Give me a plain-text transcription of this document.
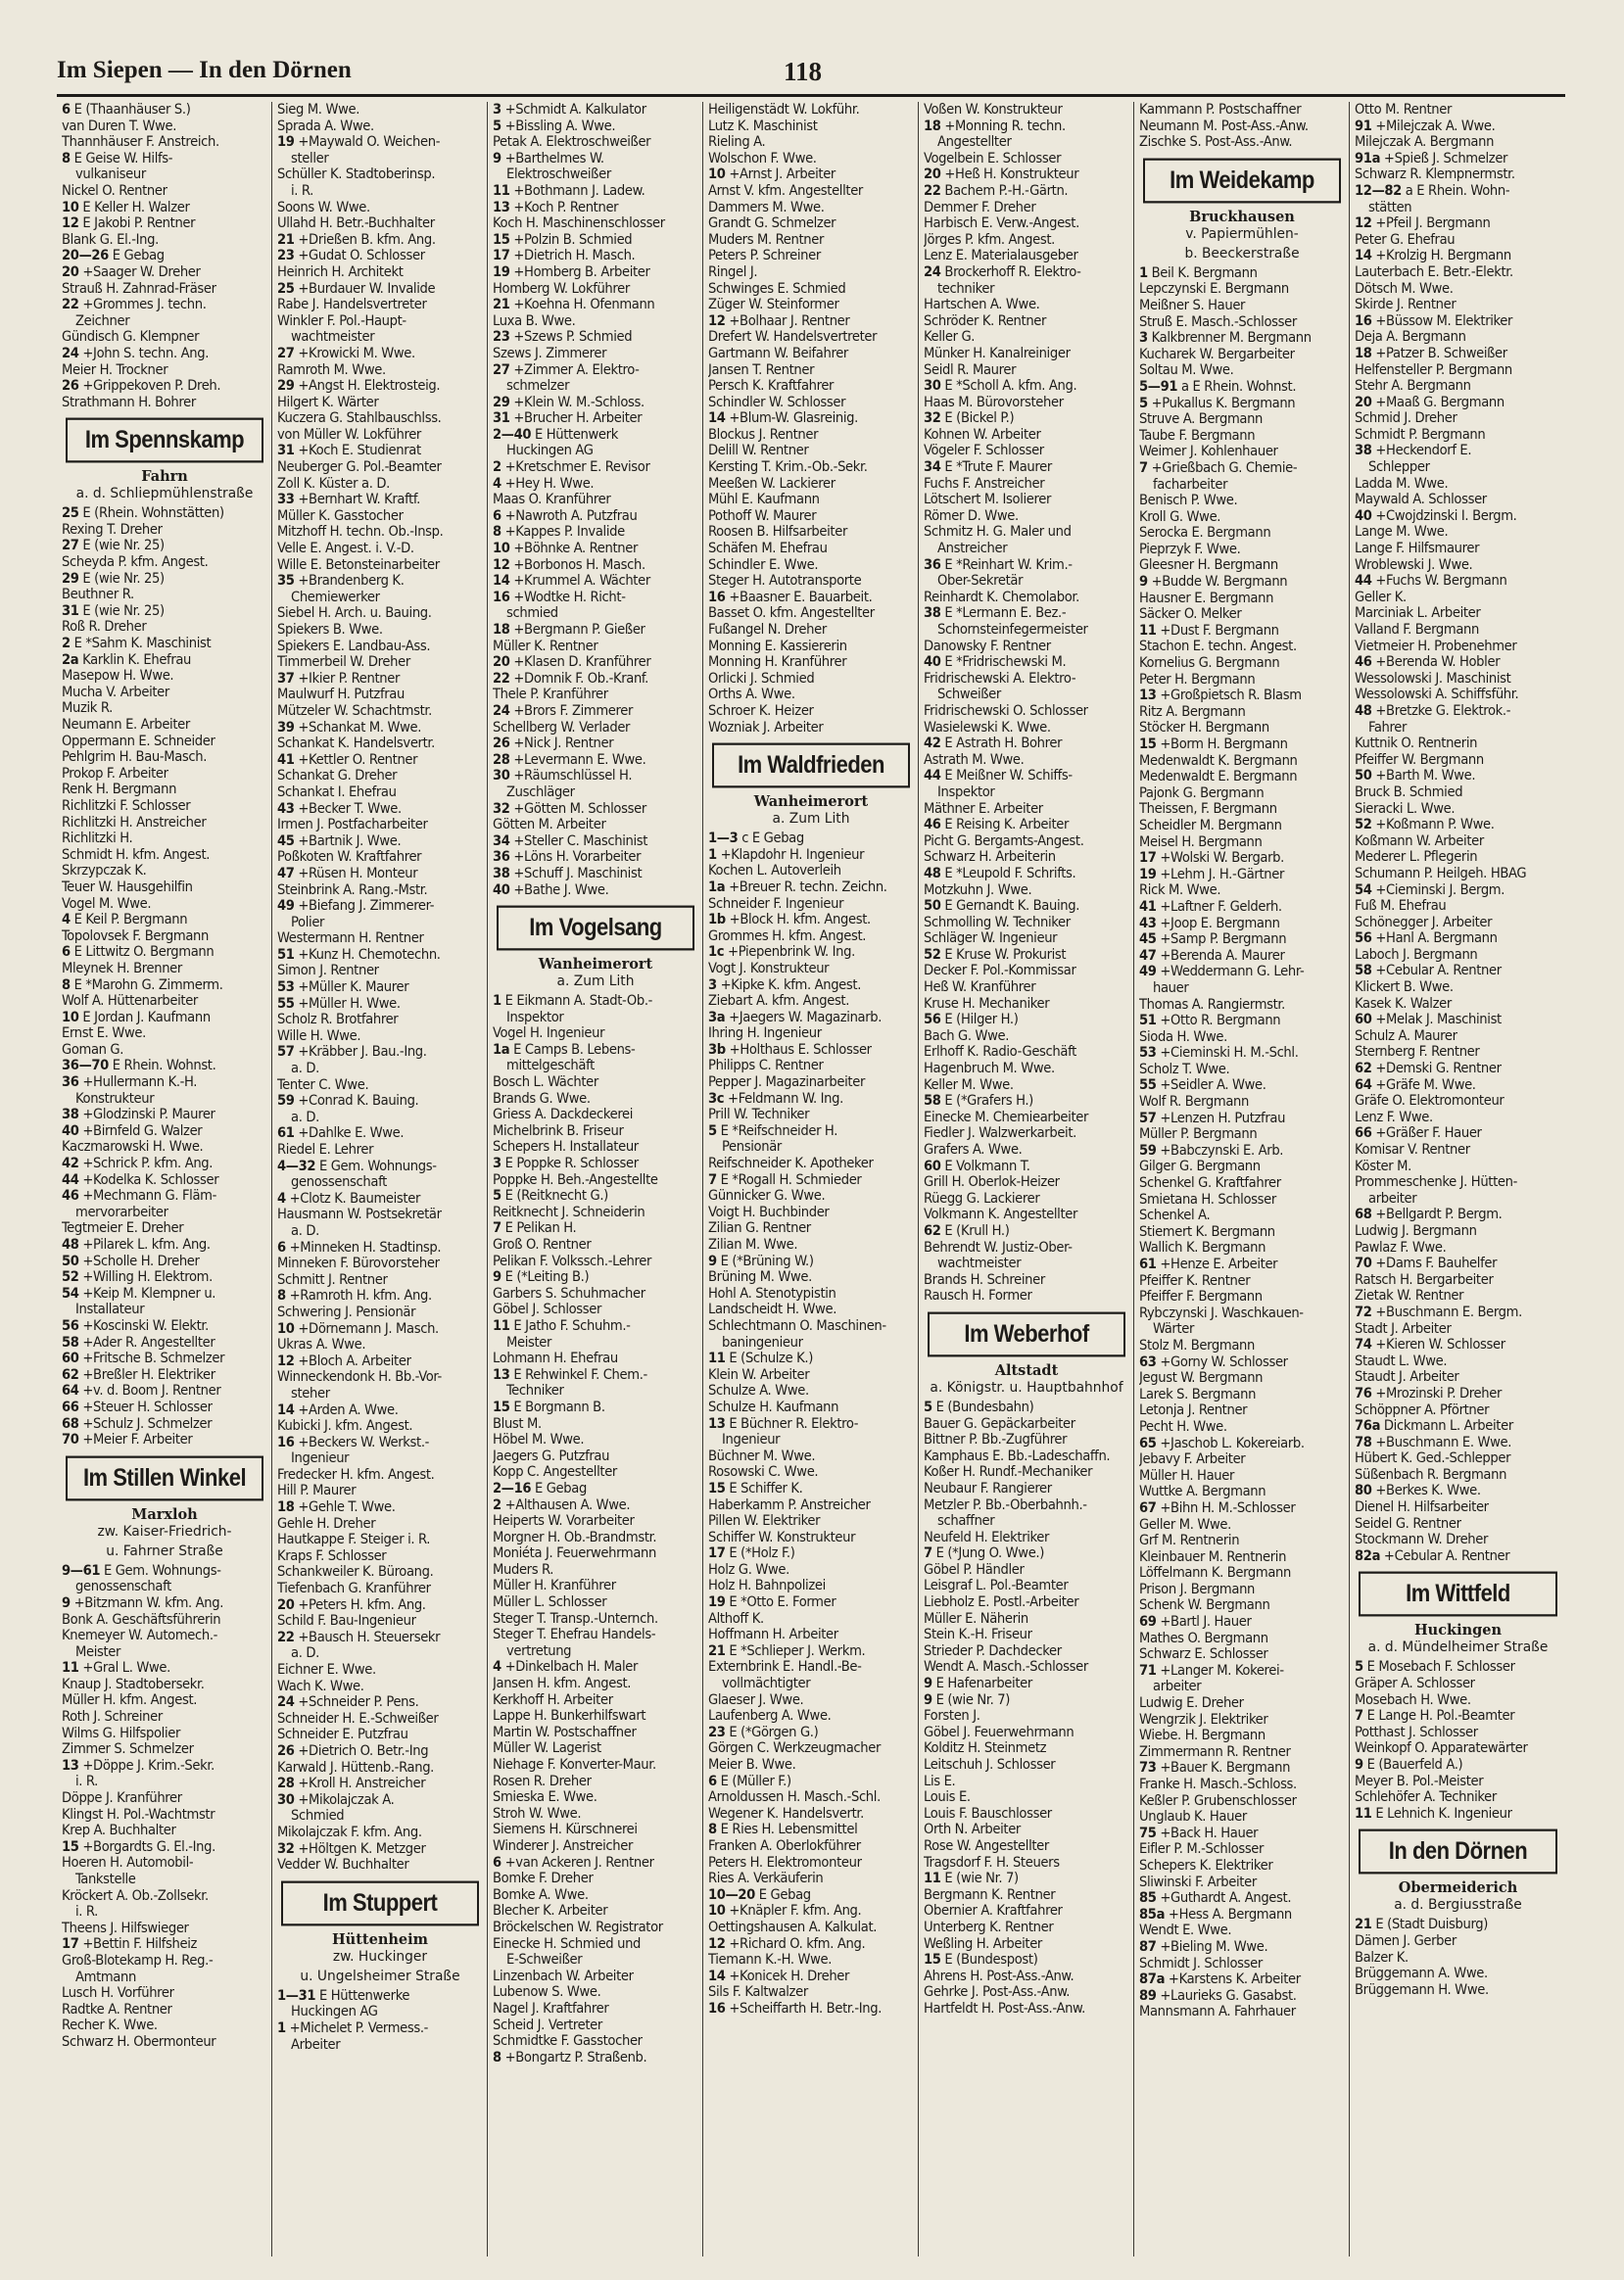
Im Siepen — In den Dörnen	118
6 E (Thaanhäuser S.)
van Duren T. Wwe.
Thannhäuser F. Anstreich.
8 E Geise W. Hilfs-
vulkaniseur
Nickel O. Rentner
10 E Keller H. Walzer
12 E Jakobi P. Rentner
Blank G. El.-Ing.
20—26 E Gebag
20 +Saager W. Dreher
Strauß H. Zahnrad-Fräser
22 +Grommes J. techn.
Zeichner
Gündisch G. Klempner
24 +John S. techn. Ang.
Meier H. Trockner
26 +Grippekoven P. Dreh.
Strathmann H. Bohrer
Im Spennskamp
Fahrn
a. d. Schliepmühlenstraße
25 E (Rhein. Wohnstätten)
Rexing T. Dreher
27 E (wie Nr. 25)
Scheyda P. kfm. Angest.
29 E (wie Nr. 25)
Beuthner R.
31 E (wie Nr. 25)
Roß R. Dreher
2 E *Sahm K. Maschinist
2a Karklin K. Ehefrau
Masepow H. Wwe.
Mucha V. Arbeiter
Muzik R.
Neumann E. Arbeiter
Oppermann E. Schneider
Pehlgrim H. Bau-Masch.
Prokop F. Arbeiter
Renk H. Bergmann
Richlitzki F. Schlosser
Richlitzki H. Anstreicher
Richlitzki H.
Schmidt H. kfm. Angest.
Skrzypczak K.
Teuer W. Hausgehilfin
Vogel M. Wwe.
4 E Keil P. Bergmann
Topolovsek F. Bergmann
6 E Littwitz O. Bergmann
Mleynek H. Brenner
8 E *Marohn G. Zimmerm.
Wolf A. Hüttenarbeiter
10 E Jordan J. Kaufmann
Ernst E. Wwe.
Goman G.
36—70 E Rhein. Wohnst.
36 +Hullermann K.-H.
Konstrukteur
38 +Glodzinski P. Maurer
40 +Birnfeld G. Walzer
Kaczmarowski H. Wwe.
42 +Schrick P. kfm. Ang.
44 +Kodelka K. Schlosser
46 +Mechmann G. Fläm-
mervorarbeiter
Tegtmeier E. Dreher
48 +Pilarek L. kfm. Ang.
50 +Scholle H. Dreher
52 +Willing H. Elektrom.
54 +Keip M. Klempner u.
Installateur
56 +Koscinski W. Elektr.
58 +Ader R. Angestellter
60 +Fritsche B. Schmelzer
62 +Breßler H. Elektriker
64 +v. d. Boom J. Rentner
66 +Steuer H. Schlosser
68 +Schulz J. Schmelzer
70 +Meier F. Arbeiter
Im Stillen Winkel
Marxloh
zw. Kaiser-Friedrich-
u. Fahrner Straße
9—61 E Gem. Wohnungs-
genossenschaft
9 +Bitzmann W. kfm. Ang.
Bonk A. Geschäftsführerin
Knemeyer W. Automech.-
Meister
11 +Gral L. Wwe.
Knaup J. Stadtobersekr.
Müller H. kfm. Angest.
Roth J. Schreiner
Wilms G. Hilfspolier
Zimmer S. Schmelzer
13 +Döppe J. Krim.-Sekr.
i. R.
Döppe J. Kranführer
Klingst H. Pol.-Wachtmstr
Krep A. Buchhalter
15 +Borgardts G. El.-Ing.
Hoeren H. Automobil-
Tankstelle
Kröckert A. Ob.-Zollsekr.
i. R.
Theens J. Hilfswieger
17 +Bettin F. Hilfsheiz
Groß-Blotekamp H. Reg.-
Amtmann
Lusch H. Vorführer
Radtke A. Rentner
Recher K. Wwe.
Schwarz H. Obermonteur
Sieg M. Wwe.
Sprada A. Wwe.
19 +Maywald O. Weichen-
steller
Schüller K. Stadtoberinsp.
i. R.
Soons W. Wwe.
Ullahd H. Betr.-Buchhalter
21 +Drießen B. kfm. Ang.
23 +Gudat O. Schlosser
Heinrich H. Architekt
25 +Burdauer W. Invalide
Rabe J. Handelsvertreter
Winkler F. Pol.-Haupt-
wachtmeister
27 +Krowicki M. Wwe.
Ramroth M. Wwe.
29 +Angst H. Elektrosteig.
Hilgert K. Wärter
Kuczera G. Stahlbauschlss.
von Müller W. Lokführer
31 +Koch E. Studienrat
Neuberger G. Pol.-Beamter
Zoll K. Küster a. D.
33 +Bernhart W. Kraftf.
Müller K. Gasstocher
Mitzhoff H. techn. Ob.-Insp.
Velle E. Angest. i. V.-D.
Wille E. Betonsteinarbeiter
35 +Brandenberg K.
Chemiewerker
Siebel H. Arch. u. Bauing.
Spiekers B. Wwe.
Spiekers E. Landbau-Ass.
Timmerbeil W. Dreher
37 +Ikier P. Rentner
Maulwurf H. Putzfrau
Mützeler W. Schachtmstr.
39 +Schankat M. Wwe.
Schankat K. Handelsvertr.
41 +Kettler O. Rentner
Schankat G. Dreher
Schankat I. Ehefrau
43 +Becker T. Wwe.
Irmen J. Postfacharbeiter
45 +Bartnik J. Wwe.
Poßkoten W. Kraftfahrer
47 +Rüsen H. Monteur
Steinbrink A. Rang.-Mstr.
49 +Biefang J. Zimmerer-
Polier
Westermann H. Rentner
51 +Kunz H. Chemotechn.
Simon J. Rentner
53 +Müller K. Maurer
55 +Müller H. Wwe.
Scholz R. Brotfahrer
Wille H. Wwe.
57 +Kräbber J. Bau.-Ing.
a. D.
Tenter C. Wwe.
59 +Conrad K. Bauing.
a. D.
61 +Dahlke E. Wwe.
Riedel E. Lehrer
4—32 E Gem. Wohnungs-
genossenschaft
4 +Clotz K. Baumeister
Hausmann W. Postsekretär
a. D.
6 +Minneken H. Stadtinsp.
Minneken F. Bürovorsteher
Schmitt J. Rentner
8 +Ramroth H. kfm. Ang.
Schwering J. Pensionär
10 +Dörnemann J. Masch.
Ukras A. Wwe.
12 +Bloch A. Arbeiter
Winneckendonk H. Bb.-Vor-
steher
14 +Arden A. Wwe.
Kubicki J. kfm. Angest.
16 +Beckers W. Werkst.-
Ingenieur
Fredecker H. kfm. Angest.
Hill P. Maurer
18 +Gehle T. Wwe.
Gehle H. Dreher
Hautkappe F. Steiger i. R.
Kraps F. Schlosser
Schankweiler K. Büroang.
Tiefenbach G. Kranführer
20 +Peters H. kfm. Ang.
Schild F. Bau-Ingenieur
22 +Bausch H. Steuersekr
a. D.
Eichner E. Wwe.
Wach K. Wwe.
24 +Schneider P. Pens.
Schneider H. E.-Schweißer
Schneider E. Putzfrau
26 +Dietrich O. Betr.-Ing
Karwald J. Hüttenb.-Rang.
28 +Kroll H. Anstreicher
30 +Mikolajczak A.
Schmied
Mikolajczak F. kfm. Ang.
32 +Höltgen K. Metzger
Vedder W. Buchhalter
Im Stuppert
Hüttenheim
zw. Huckinger
u. Ungelsheimer Straße
1—31 E Hüttenwerke
Huckingen AG
1 +Michelet P. Vermess.-
Arbeiter
3 +Schmidt A. Kalkulator
5 +Bissling A. Wwe.
Petak A. Elektroschweißer
9 +Barthelmes W.
Elektroschweißer
11 +Bothmann J. Ladew.
13 +Koch P. Rentner
Koch H. Maschinenschlosser
15 +Polzin B. Schmied
17 +Dietrich H. Masch.
19 +Homberg B. Arbeiter
Homberg W. Lokführer
21 +Koehna H. Ofenmann
Luxa B. Wwe.
23 +Szews P. Schmied
Szews J. Zimmerer
27 +Zimmer A. Elektro-
schmelzer
29 +Klein W. M.-Schloss.
31 +Brucher H. Arbeiter
2—40 E Hüttenwerk
Huckingen AG
2 +Kretschmer E. Revisor
4 +Hey H. Wwe.
Maas O. Kranführer
6 +Nawroth A. Putzfrau
8 +Kappes P. Invalide
10 +Böhnke A. Rentner
12 +Borbonos H. Masch.
14 +Krummel A. Wächter
16 +Wodtke H. Richt-
schmied
18 +Bergmann P. Gießer
Müller K. Rentner
20 +Klasen D. Kranführer
22 +Domnik F. Ob.-Kranf.
Thele P. Kranführer
24 +Brors F. Zimmerer
Schellberg W. Verlader
26 +Nick J. Rentner
28 +Levermann E. Wwe.
30 +Räumschlüssel H.
Zuschläger
32 +Götten M. Schlosser
Götten M. Arbeiter
34 +Steller C. Maschinist
36 +Löns H. Vorarbeiter
38 +Schuff J. Maschinist
40 +Bathe J. Wwe.
Im Vogelsang
Wanheimerort
a. Zum Lith
1 E Eikmann A. Stadt-Ob.-
Inspektor
Vogel H. Ingenieur
1a E Camps B. Lebens-
mittelgeschäft
Bosch L. Wächter
Brands G. Wwe.
Griess A. Dackdeckerei
Michelbrink B. Friseur
Schepers H. Installateur
3 E Poppke R. Schlosser
Poppke H. Beh.-Angestellte
5 E (Reitknecht G.)
Reitknecht J. Schneiderin
7 E Pelikan H.
Groß O. Rentner
Pelikan F. Volkssch.-Lehrer
9 E (*Leiting B.)
Garbers S. Schuhmacher
Göbel J. Schlosser
11 E Jatho F. Schuhm.-
Meister
Lohmann H. Ehefrau
13 E Rehwinkel F. Chem.-
Techniker
15 E Borgmann B.
Blust M.
Höbel M. Wwe.
Jaegers G. Putzfrau
Kopp C. Angestellter
2—16 E Gebag
2 +Althausen A. Wwe.
Heiperts W. Vorarbeiter
Morgner H. Ob.-Brandmstr.
Moniéta J. Feuerwehrmann
Muders R.
Müller H. Kranführer
Müller L. Schlosser
Steger T. Transp.-Unternch.
Steger T. Ehefrau Handels-
vertretung
4 +Dinkelbach H. Maler
Jansen H. kfm. Angest.
Kerkhoff H. Arbeiter
Lappe H. Bunkerhilfswart
Martin W. Postschaffner
Müller W. Lagerist
Niehage F. Konverter-Maur.
Rosen R. Dreher
Smieska E. Wwe.
Stroh W. Wwe.
Siemens H. Kürschnerei
Winderer J. Anstreicher
6 +van Ackeren J. Rentner
Bomke F. Dreher
Bomke A. Wwe.
Blecher K. Arbeiter
Bröckelschen W. Registrator
Einecke H. Schmied und
E-Schweißer
Linzenbach W. Arbeiter
Lubenow S. Wwe.
Nagel J. Kraftfahrer
Scheid J. Vertreter
Schmidtke F. Gasstocher
8 +Bongartz P. Straßenb.
Heiligenstädt W. Lokführ.
Lutz K. Maschinist
Rieling A.
Wolschon F. Wwe.
10 +Arnst J. Arbeiter
Arnst V. kfm. Angestellter
Dammers M. Wwe.
Grandt G. Schmelzer
Muders M. Rentner
Peters P. Schreiner
Ringel J.
Schwinges E. Schmied
Züger W. Steinformer
12 +Bolhaar J. Rentner
Drefert W. Handelsvertreter
Gartmann W. Beifahrer
Jansen T. Rentner
Persch K. Kraftfahrer
Schindler W. Schlosser
14 +Blum-W. Glasreinig.
Blockus J. Rentner
Delill W. Rentner
Kersting T. Krim.-Ob.-Sekr.
Meeßen W. Lackierer
Mühl E. Kaufmann
Pothoff W. Maurer
Roosen B. Hilfsarbeiter
Schäfen M. Ehefrau
Schindler E. Wwe.
Steger H. Autotransporte
16 +Baasner E. Bauarbeit.
Basset O. kfm. Angestellter
Fußangel N. Dreher
Monning E. Kassiererin
Monning H. Kranführer
Orlicki J. Schmied
Orths A. Wwe.
Schroer K. Heizer
Wozniak J. Arbeiter
Im Waldfrieden
Wanheimerort
a. Zum Lith
1—3 c E Gebag
1 +Klapdohr H. Ingenieur
Kochen L. Autoverleih
1a +Breuer R. techn. Zeichn.
Schneider F. Ingenieur
1b +Block H. kfm. Angest.
Grommes H. kfm. Angest.
1c +Piepenbrink W. Ing.
Vogt J. Konstrukteur
3 +Kipke K. kfm. Angest.
Ziebart A. kfm. Angest.
3a +Jaegers W. Magazinarb.
Ihring H. Ingenieur
3b +Holthaus E. Schlosser
Philipps C. Rentner
Pepper J. Magazinarbeiter
3c +Feldmann W. Ing.
Prill W. Techniker
5 E *Reifschneider H.
Pensionär
Reifschneider K. Apotheker
7 E *Rogall H. Schmieder
Günnicker G. Wwe.
Voigt H. Buchbinder
Zilian G. Rentner
Zilian M. Wwe.
9 E (*Brüning W.)
Brüning M. Wwe.
Hohl A. Stenotypistin
Landscheidt H. Wwe.
Schlechtmann O. Maschinen-
baningenieur
11 E (Schulze K.)
Klein W. Arbeiter
Schulze A. Wwe.
Schulze H. Kaufmann
13 E Büchner R. Elektro-
Ingenieur
Büchner M. Wwe.
Rosowski C. Wwe.
15 E Schiffer K.
Haberkamm P. Anstreicher
Pillen W. Elektriker
Schiffer W. Konstrukteur
17 E (*Holz F.)
Holz G. Wwe.
Holz H. Bahnpolizei
19 E *Otto E. Former
Althoff K.
Hoffmann H. Arbeiter
21 E *Schlieper J. Werkm.
Externbrink E. Handl.-Be-
vollmächtigter
Glaeser J. Wwe.
Laufenberg A. Wwe.
23 E (*Görgen G.)
Görgen C. Werkzeugmacher
Meier B. Wwe.
6 E (Müller F.)
Arnoldussen H. Masch.-Schl.
Wegener K. Handelsvertr.
8 E Ries H. Lebensmittel
Franken A. Oberlokführer
Peters H. Elektromonteur
Ries A. Verkäuferin
10—20 E Gebag
10 +Knäpler F. kfm. Ang.
Oettingshausen A. Kalkulat.
12 +Richard O. kfm. Ang.
Tiemann K.-H. Wwe.
14 +Konicek H. Dreher
Sils F. Kaltwalzer
16 +Scheiffarth H. Betr.-Ing.
Voßen W. Konstrukteur
18 +Monning R. techn.
Angestellter
Vogelbein E. Schlosser
20 +Heß H. Konstrukteur
22 Bachem P.-H.-Gärtn.
Demmer F. Dreher
Harbisch E. Verw.-Angest.
Jörges P. kfm. Angest.
Lenz E. Materialausgeber
24 Brockerhoff R. Elektro-
techniker
Hartschen A. Wwe.
Schröder K. Rentner
Keller G.
Münker H. Kanalreiniger
Seidl R. Maurer
30 E *Scholl A. kfm. Ang.
Haas M. Bürovorsteher
32 E (Bickel P.)
Kohnen W. Arbeiter
Vögeler F. Schlosser
34 E *Trute F. Maurer
Fuchs F. Anstreicher
Lötschert M. Isolierer
Römer D. Wwe.
Schmitz H. G. Maler und
Anstreicher
36 E *Reinhart W. Krim.-
Ober-Sekretär
Reinhardt K. Chemolabor.
38 E *Lermann E. Bez.-
Schornsteinfegermeister
Danowsky F. Rentner
40 E *Fridrischewski M.
Fridrischewski A. Elektro-
Schweißer
Fridrischewski O. Schlosser
Wasielewski K. Wwe.
42 E Astrath H. Bohrer
Astrath M. Wwe.
44 E Meißner W. Schiffs-
Inspektor
Mäthner E. Arbeiter
46 E Reising K. Arbeiter
Picht G. Bergamts-Angest.
Schwarz H. Arbeiterin
48 E *Leupold F. Schrifts.
Motzkuhn J. Wwe.
50 E Gernandt K. Bauing.
Schmolling W. Techniker
Schläger W. Ingenieur
52 E Kruse W. Prokurist
Decker F. Pol.-Kommissar
Heß W. Kranführer
Kruse H. Mechaniker
56 E (Hilger H.)
Bach G. Wwe.
Erlhoff K. Radio-Geschäft
Hagenbruch M. Wwe.
Keller M. Wwe.
58 E (*Grafers H.)
Einecke M. Chemiearbeiter
Fiedler J. Walzwerkarbeit.
Grafers A. Wwe.
60 E Volkmann T.
Grill H. Oberlok-Heizer
Rüegg G. Lackierer
Volkmann K. Angestellter
62 E (Krull H.)
Behrendt W. Justiz-Ober-
wachtmeister
Brands H. Schreiner
Rausch H. Former
Im Weberhof
Altstadt
a. Königstr. u. Hauptbahnhof
5 E (Bundesbahn)
Bauer G. Gepäckarbeiter
Bittner P. Bb.-Zugführer
Kamphaus E. Bb.-Ladeschaffn.
Koßer H. Rundf.-Mechaniker
Neubaur F. Rangierer
Metzler P. Bb.-Oberbahnh.-
schaffner
Neufeld H. Elektriker
7 E (*Jung O. Wwe.)
Göbel P. Händler
Leisgraf L. Pol.-Beamter
Liebholz E. Postl.-Arbeiter
Müller E. Näherin
Stein K.-H. Friseur
Strieder P. Dachdecker
Wendt A. Masch.-Schlosser
9 E Hafenarbeiter
9 E (wie Nr. 7)
Forsten J.
Göbel J. Feuerwehrmann
Kolditz H. Steinmetz
Leitschuh J. Schlosser
Lis E.
Louis E.
Louis F. Bauschlosser
Orth N. Arbeiter
Rose W. Angestellter
Tragsdorf F. H. Steuers
11 E (wie Nr. 7)
Bergmann K. Rentner
Obernier A. Kraftfahrer
Unterberg K. Rentner
Weßling H. Arbeiter
15 E (Bundespost)
Ahrens H. Post-Ass.-Anw.
Gehrke J. Post-Ass.-Anw.
Hartfeldt H. Post-Ass.-Anw.
Kammann P. Postschaffner
Neumann M. Post-Ass.-Anw.
Zischke S. Post-Ass.-Anw.
Im Weidekamp
Bruckhausen
v. Papiermühlen-
b. Beeckerstraße
1 Beil K. Bergmann
Lepczynski E. Bergmann
Meißner S. Hauer
Struß E. Masch.-Schlosser
3 Kalkbrenner M. Bergmann
Kucharek W. Bergarbeiter
Soltau M. Wwe.
5—91 a E Rhein. Wohnst.
5 +Pukallus K. Bergmann
Struve A. Bergmann
Taube F. Bergmann
Weimer J. Kohlenhauer
7 +Grießbach G. Chemie-
facharbeiter
Benisch P. Wwe.
Kroll G. Wwe.
Serocka E. Bergmann
Pieprzyk F. Wwe.
Gleesner H. Bergmann
9 +Budde W. Bergmann
Hausner E. Bergmann
Säcker O. Melker
11 +Dust F. Bergmann
Stachon E. techn. Angest.
Kornelius G. Bergmann
Peter H. Bergmann
13 +Großpietsch R. Blasm
Ritz A. Bergmann
Stöcker H. Bergmann
15 +Borm H. Bergmann
Medenwaldt K. Bergmann
Medenwaldt E. Bergmann
Pajonk G. Bergmann
Theissen, F. Bergmann
Scheidler M. Bergmann
Meisel H. Bergmann
17 +Wolski W. Bergarb.
19 +Lehm J. H.-Gärtner
Rick M. Wwe.
41 +Laftner F. Gelderh.
43 +Joop E. Bergmann
45 +Samp P. Bergmann
47 +Berenda A. Maurer
49 +Weddermann G. Lehr-
hauer
Thomas A. Rangiermstr.
51 +Otto R. Bergmann
Sioda H. Wwe.
53 +Cieminski H. M.-Schl.
Scholz T. Wwe.
55 +Seidler A. Wwe.
Wolf R. Bergmann
57 +Lenzen H. Putzfrau
Müller P. Bergmann
59 +Babczynski E. Arb.
Gilger G. Bergmann
Schenkel G. Kraftfahrer
Smietana H. Schlosser
Schenkel A.
Stiemert K. Bergmann
Wallich K. Bergmann
61 +Henze E. Arbeiter
Pfeiffer K. Rentner
Pfeiffer F. Bergmann
Rybczynski J. Waschkauen-
Wärter
Stolz M. Bergmann
63 +Gorny W. Schlosser
Jegust W. Bergmann
Larek S. Bergmann
Letonja J. Rentner
Pecht H. Wwe.
65 +Jaschob L. Kokereiarb.
Jebavy F. Arbeiter
Müller H. Hauer
Wuttke A. Bergmann
67 +Bihn H. M.-Schlosser
Geller M. Wwe.
Grf M. Rentnerin
Kleinbauer M. Rentnerin
Löffelmann K. Bergmann
Prison J. Bergmann
Schenk W. Bergmann
69 +Bartl J. Hauer
Mathes O. Bergmann
Schwarz E. Schlosser
71 +Langer M. Kokerei-
arbeiter
Ludwig E. Dreher
Wengrzik J. Elektriker
Wiebe. H. Bergmann
Zimmermann R. Rentner
73 +Bauer K. Bergmann
Franke H. Masch.-Schloss.
Keßler P. Grubenschlosser
Unglaub K. Hauer
75 +Back H. Hauer
Eifler P. M.-Schlosser
Schepers K. Elektriker
Sliwinski F. Arbeiter
85 +Guthardt A. Angest.
85a +Hess A. Bergmann
Wendt E. Wwe.
87 +Bieling M. Wwe.
Schmidt J. Schlosser
87a +Karstens K. Arbeiter
89 +Laurieks G. Gasabst.
Mannsmann A. Fahrhauer
Otto M. Rentner
91 +Milejczak A. Wwe.
Milejczak A. Bergmann
91a +Spieß J. Schmelzer
Schwarz R. Klempnermstr.
12—82 a E Rhein. Wohn-
stätten
12 +Pfeil J. Bergmann
Peter G. Ehefrau
14 +Krolzig H. Bergmann
Lauterbach E. Betr.-Elektr.
Dötsch M. Wwe.
Skirde J. Rentner
16 +Büssow M. Elektriker
Deja A. Bergmann
18 +Patzer B. Schweißer
Helfensteller P. Bergmann
Stehr A. Bergmann
20 +Maaß G. Bergmann
Schmid J. Dreher
Schmidt P. Bergmann
38 +Heckendorf E.
Schlepper
Ladda M. Wwe.
Maywald A. Schlosser
40 +Cwojdzinski I. Bergm.
Lange M. Wwe.
Lange F. Hilfsmaurer
Wroblewski J. Wwe.
44 +Fuchs W. Bergmann
Geller K.
Marciniak L. Arbeiter
Valland F. Bergmann
Vietmeier H. Probenehmer
46 +Berenda W. Hobler
Wessolowski J. Maschinist
Wessolowski A. Schiffsführ.
48 +Bretzke G. Elektrok.-
Fahrer
Kuttnik O. Rentnerin
Pfeiffer W. Bergmann
50 +Barth M. Wwe.
Bruck B. Schmied
Sieracki L. Wwe.
52 +Koßmann P. Wwe.
Koßmann W. Arbeiter
Mederer L. Pflegerin
Schumann P. Heilgeh. HBAG
54 +Cieminski J. Bergm.
Fuß M. Ehefrau
Schönegger J. Arbeiter
56 +Hanl A. Bergmann
Laboch J. Bergmann
58 +Cebular A. Rentner
Klickert B. Wwe.
Kasek K. Walzer
60 +Melak J. Maschinist
Schulz A. Maurer
Sternberg F. Rentner
62 +Demski G. Rentner
64 +Gräfe M. Wwe.
Gräfe O. Elektromonteur
Lenz F. Wwe.
66 +Gräßer F. Hauer
Komisar V. Rentner
Köster M.
Prommeschenke J. Hütten-
arbeiter
68 +Bellgardt P. Bergm.
Ludwig J. Bergmann
Pawlaz F. Wwe.
70 +Dams F. Bauhelfer
Ratsch H. Bergarbeiter
Zietak W. Rentner
72 +Buschmann E. Bergm.
Stadt J. Arbeiter
74 +Kieren W. Schlosser
Staudt L. Wwe.
Staudt J. Arbeiter
76 +Mrozinski P. Dreher
Schöppner A. Pförtner
76a Dickmann L. Arbeiter
78 +Buschmann E. Wwe.
Hübert K. Ged.-Schlepper
Süßenbach R. Bergmann
80 +Berkes K. Wwe.
Dienel H. Hilfsarbeiter
Seidel G. Rentner
Stockmann W. Dreher
82a +Cebular A. Rentner
Im Wittfeld
Huckingen
a. d. Mündelheimer Straße
5 E Mosebach F. Schlosser
Gräper A. Schlosser
Mosebach H. Wwe.
7 E Lange H. Pol.-Beamter
Potthast J. Schlosser
Weinkopf O. Apparatewärter
9 E (Bauerfeld A.)
Meyer B. Pol.-Meister
Schlehöfer A. Techniker
11 E Lehnich K. Ingenieur
In den Dörnen
Obermeiderich
a. d. Bergiusstraße
21 E (Stadt Duisburg)
Dämen J. Gerber
Balzer K.
Brüggemann A. Wwe.
Brüggemann H. Wwe.
